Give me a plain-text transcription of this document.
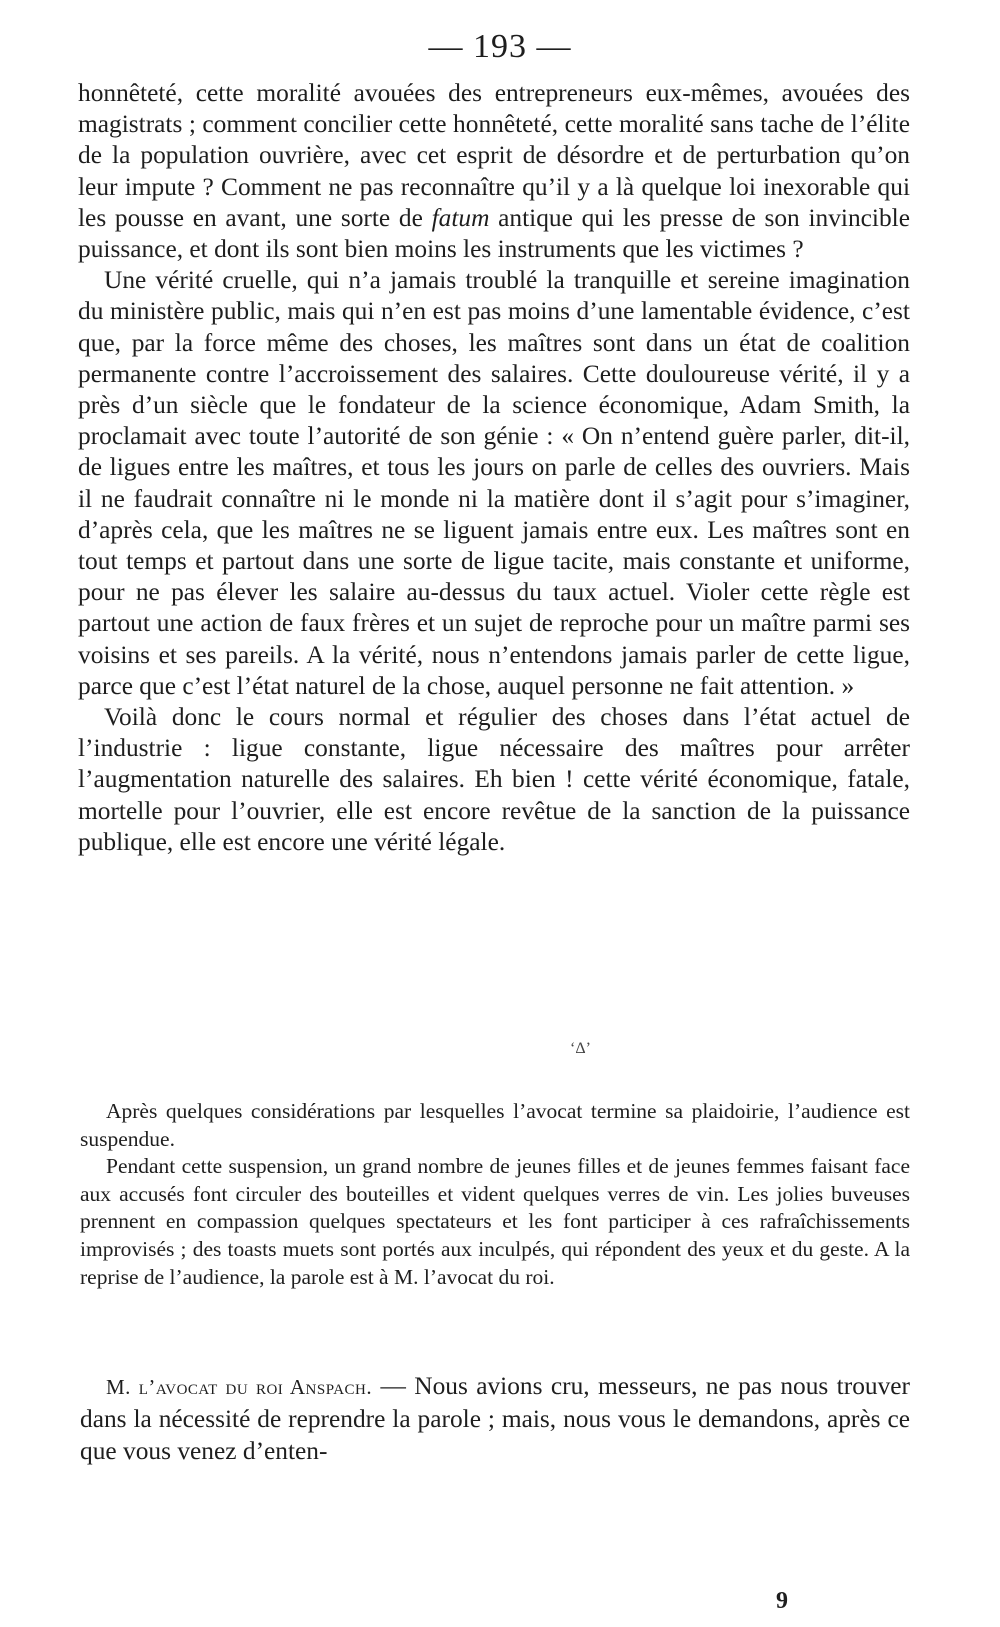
— 193 —

honnêteté, cette moralité avouées des entrepreneurs eux-mêmes, avouées des magistrats ; comment concilier cette honnêteté, cette moralité sans tache de l’élite de la population ouvrière, avec cet esprit de désordre et de perturbation qu’on leur impute ? Comment ne pas reconnaître qu’il y a là quelque loi inexorable qui les pousse en avant, une sorte de fatum antique qui les presse de son invincible puissance, et dont ils sont bien moins les instruments que les victimes ?

Une vérité cruelle, qui n’a jamais troublé la tranquille et sereine imagination du ministère public, mais qui n’en est pas moins d’une lamentable évidence, c’est que, par la force même des choses, les maîtres sont dans un état de coalition permanente contre l’accroissement des salaires. Cette douloureuse vérité, il y a près d’un siècle que le fondateur de la science économique, Adam Smith, la proclamait avec toute l’autorité de son génie : « On n’entend guère parler, dit-il, de ligues entre les maîtres, et tous les jours on parle de celles des ouvriers. Mais il ne faudrait connaître ni le monde ni la matière dont il s’agit pour s’imaginer, d’après cela, que les maîtres ne se liguent jamais entre eux. Les maîtres sont en tout temps et partout dans une sorte de ligue tacite, mais constante et uniforme, pour ne pas élever les salaire au-dessus du taux actuel. Violer cette règle est partout une action de faux frères et un sujet de reproche pour un maître parmi ses voisins et ses pareils. A la vérité, nous n’entendons jamais parler de cette ligue, parce que c’est l’état naturel de la chose, auquel personne ne fait attention. »

Voilà donc le cours normal et régulier des choses dans l’état actuel de l’industrie : ligue constante, ligue nécessaire des maîtres pour arrêter l’augmentation naturelle des salaires. Eh bien ! cette vérité économique, fatale, mortelle pour l’ouvrier, elle est encore revêtue de la sanction de la puissance publique, elle est encore une vérité légale.

‘Δ’

Après quelques considérations par lesquelles l’avocat termine sa plaidoirie, l’audience est suspendue.

Pendant cette suspension, un grand nombre de jeunes filles et de jeunes femmes faisant face aux accusés font circuler des bouteilles et vident quelques verres de vin. Les jolies buveuses prennent en compassion quelques spectateurs et les font participer à ces rafraîchissements improvisés ; des toasts muets sont portés aux inculpés, qui répondent des yeux et du geste. A la reprise de l’audience, la parole est à M. l’avocat du roi.

M. l’avocat du roi Anspach. — Nous avions cru, messeurs, ne pas nous trouver dans la nécessité de reprendre la parole ; mais, nous vous le demandons, après ce que vous venez d’enten-

9
